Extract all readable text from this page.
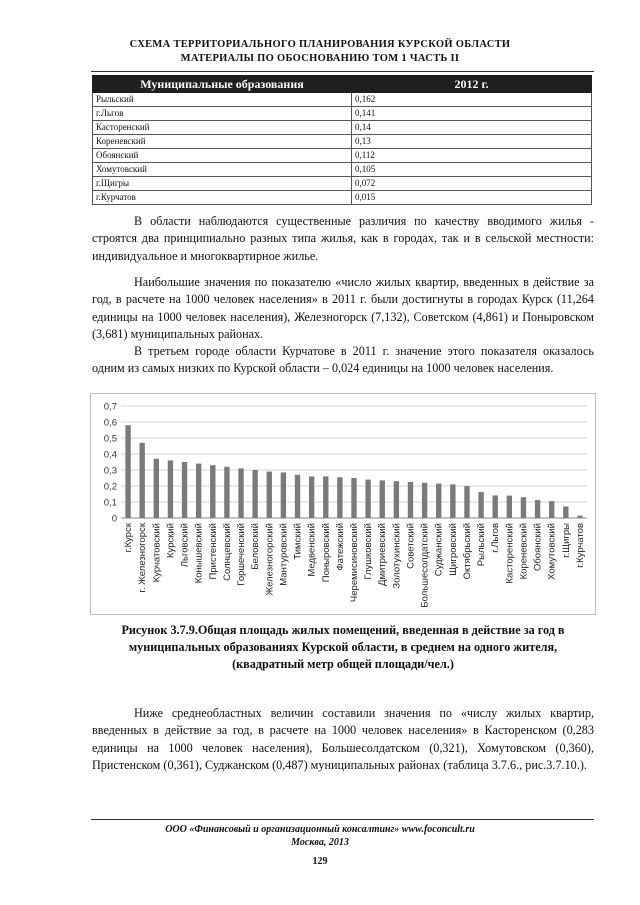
СХЕМА ТЕРРИТОРИАЛЬНОГО ПЛАНИРОВАНИЯ КУРСКОЙ ОБЛАСТИ
МАТЕРИАЛЫ ПО ОБОСНОВАНИЮ ТОМ 1 ЧАСТЬ II
Муниципальные образования	2012 г.
Рыльский	0,162
г.Льгов	0,141
Касторенский	0,14
Кореневский	0,13
Обоянский	0,112
Хомутовский	0,105
г.Щигры	0,072
г.Курчатов	0,015

В области наблюдаются существенные различия по качеству вводимого жилья - строятся два принципиально разных типа жилья, как в городах, так и в сельской местности: индивидуальное и многоквартирное жилье.

Наибольшие значения по показателю «число жилых квартир, введенных в действие за год, в расчете на 1000 человек населения» в 2011 г. были достигнуты в городах Курск (11,264 единицы на 1000 человек населения), Железногорск (7,132), Советском (4,861) и Поныровском (3,681) муниципальных районах.

В третьем городе области Курчатове в 2011 г. значение этого показателя оказалось одним из самых низких по Курской области – 0,024 единицы на 1000 человек населения.

0
0,1
0,2
0,3
0,4
0,5
0,6
0,7
г.Курск г. Железногорск Курчатовский Курский Льговский Конышевский Пристенский Солнцевский Горшеченский Беловский Железногорский Мантуровский Тимский Медвенский Поныровский Фатежский Черемисиновский Глушковский Дмитриевский Золотухинский Советский Большесолдатский Суджанский Щигровский Октябрьский Рыльский г.Льгов Касторенский Кореневский Обоянский Хомутовский г.Щигры г.Курчатов
Рисунок 3.7.9.Общая площадь жилых помещений, введенная в действие за год в
муниципальных образованиях Курской области, в среднем на одного жителя,
(квадратный метр общей площади/чел.)

Ниже среднеобластных величин составили значения по «числу жилых квартир, введенных в действие за год, в расчете на 1000 человек населения» в Касторенском (0,283 единицы на 1000 человек населения), Большесолдатском (0,321), Хомутовском (0,360), Пристенском (0,361), Суджанском (0,487) муниципальных районах (таблица 3.7.6., рис.3.7.10.).

ООО «Финансовый и организационный консалтинг» www.foconcult.ru
Москва, 2013
129
